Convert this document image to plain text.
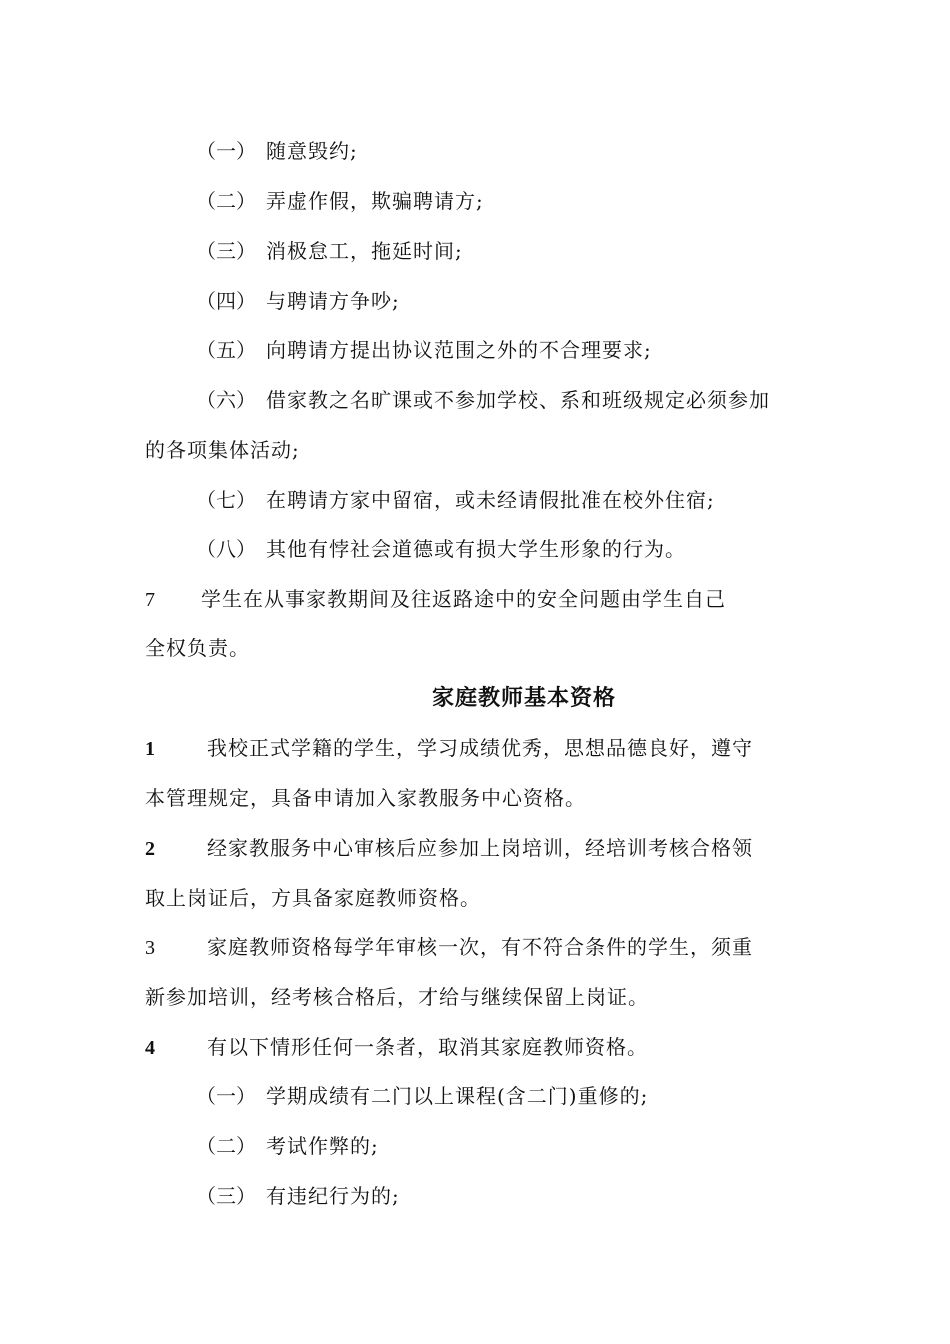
（一） 随意毁约;
（二） 弄虚作假，欺骗聘请方;
（三） 消极怠工，拖延时间;
（四） 与聘请方争吵;
（五） 向聘请方提出协议范围之外的不合理要求;
（六） 借家教之名旷课或不参加学校、系和班级规定必须参加
的各项集体活动;
（七） 在聘请方家中留宿，或未经请假批准在校外住宿;
（八） 其他有悖社会道德或有损大学生形象的行为。
7 学生在从事家教期间及往返路途中的安全问题由学生自己
全权负责。
家庭教师基本资格
1	我校正式学籍的学生，学习成绩优秀，思想品德良好，遵守
本管理规定，具备申请加入家教服务中心资格。
2	经家教服务中心审核后应参加上岗培训，经培训考核合格领
取上岗证后，方具备家庭教师资格。
3	家庭教师资格每学年审核一次，有不符合条件的学生，须重
新参加培训，经考核合格后，才给与继续保留上岗证。
4	有以下情形任何一条者，取消其家庭教师资格。
（一） 学期成绩有二门以上课程(含二门)重修的;
（二） 考试作弊的;
（三） 有违纪行为的;
